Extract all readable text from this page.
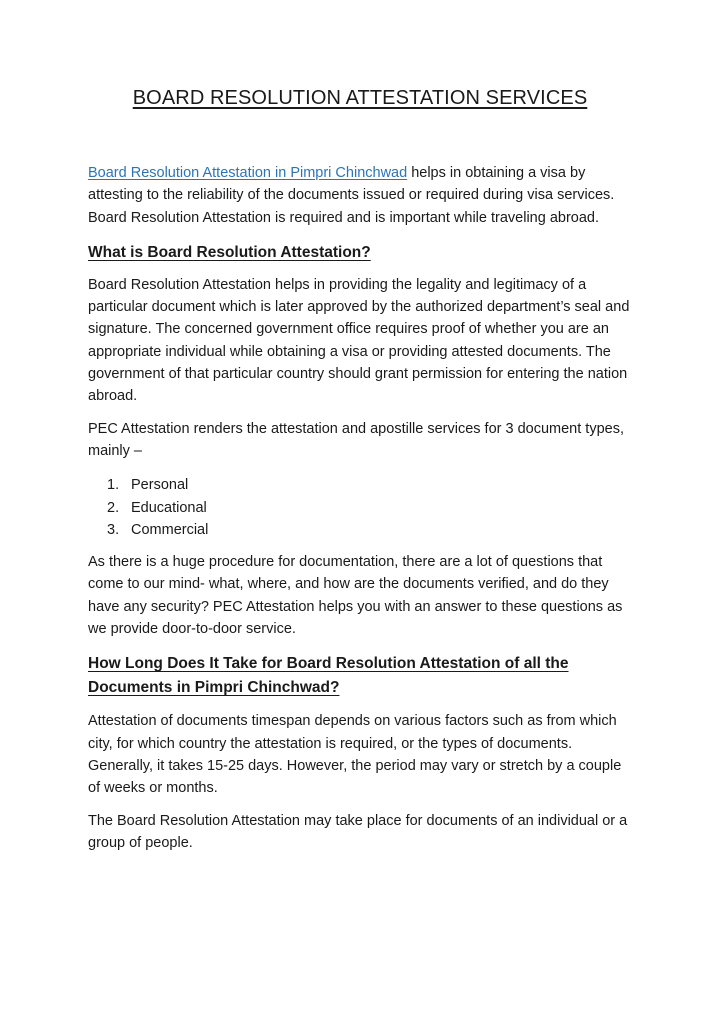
BOARD RESOLUTION ATTESTATION SERVICES

Board Resolution Attestation in Pimpri Chinchwad helps in obtaining a visa by attesting to the reliability of the documents issued or required during visa services. Board Resolution Attestation is required and is important while traveling abroad.

What is Board Resolution Attestation?

Board Resolution Attestation helps in providing the legality and legitimacy of a particular document which is later approved by the authorized department’s seal and signature. The concerned government office requires proof of whether you are an appropriate individual while obtaining a visa or providing attested documents. The government of that particular country should grant permission for entering the nation abroad.

PEC Attestation renders the attestation and apostille services for 3 document types, mainly –

1. Personal
2. Educational
3. Commercial

As there is a huge procedure for documentation, there are a lot of questions that come to our mind- what, where, and how are the documents verified, and do they have any security? PEC Attestation helps you with an answer to these questions as we provide door-to-door service.

How Long Does It Take for Board Resolution Attestation of all the Documents in Pimpri Chinchwad?

Attestation of documents timespan depends on various factors such as from which city, for which country the attestation is required, or the types of documents. Generally, it takes 15-25 days. However, the period may vary or stretch by a couple of weeks or months.

The Board Resolution Attestation may take place for documents of an individual or a group of people.
